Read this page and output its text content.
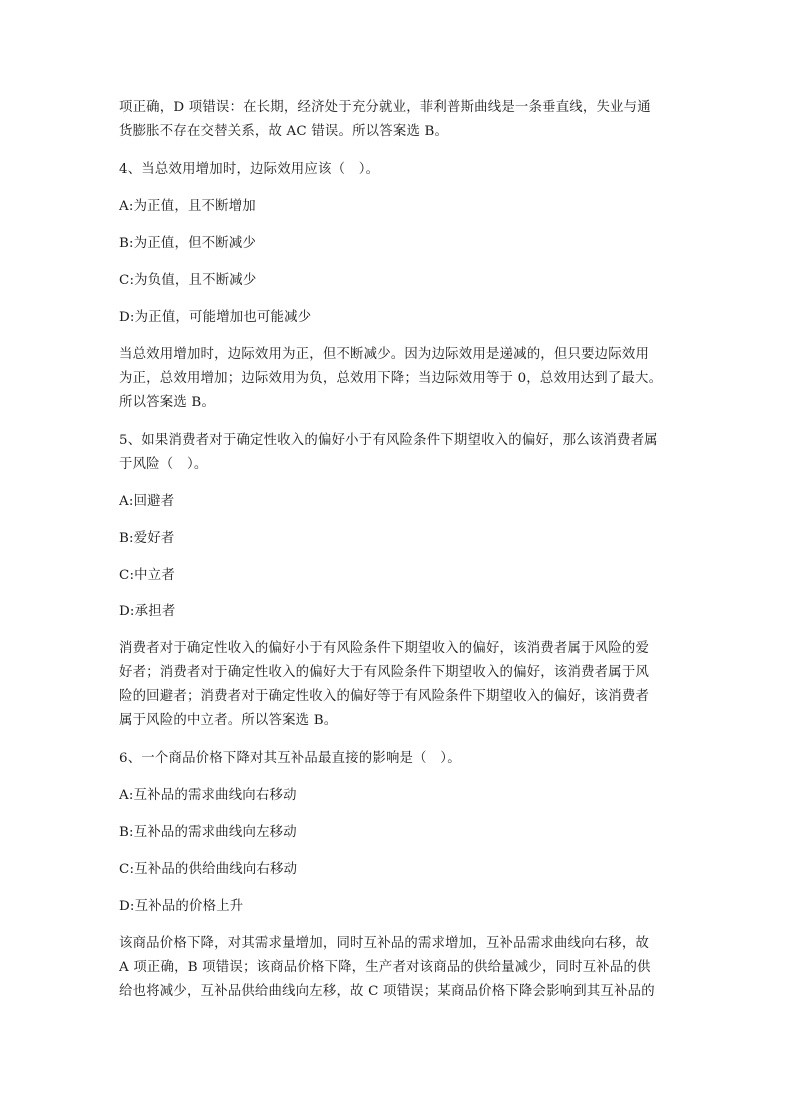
项正确，D 项错误：在长期，经济处于充分就业，菲利普斯曲线是一条垂直线，失业与通
货膨胀不存在交替关系，故 AC 错误。所以答案选 B。
4、当总效用增加时，边际效用应该（　）。
A:为正值，且不断增加
B:为正值，但不断减少
C:为负值，且不断减少
D:为正值，可能增加也可能减少
当总效用增加时，边际效用为正，但不断减少。因为边际效用是递减的，但只要边际效用
为正，总效用增加；边际效用为负，总效用下降；当边际效用等于 0，总效用达到了最大。
所以答案选 B。
5、如果消费者对于确定性收入的偏好小于有风险条件下期望收入的偏好，那么该消费者属
于风险（　）。
A:回避者
B:爱好者
C:中立者
D:承担者
消费者对于确定性收入的偏好小于有风险条件下期望收入的偏好，该消费者属于风险的爱
好者；消费者对于确定性收入的偏好大于有风险条件下期望收入的偏好，该消费者属于风
险的回避者；消费者对于确定性收入的偏好等于有风险条件下期望收入的偏好，该消费者
属于风险的中立者。所以答案选 B。
6、一个商品价格下降对其互补品最直接的影响是（　）。
A:互补品的需求曲线向右移动
B:互补品的需求曲线向左移动
C:互补品的供给曲线向右移动
D:互补品的价格上升
该商品价格下降，对其需求量增加，同时互补品的需求增加，互补品需求曲线向右移，故
A 项正确，B 项错误；该商品价格下降，生产者对该商品的供给量减少，同时互补品的供
给也将减少，互补品供给曲线向左移，故 C 项错误；某商品价格下降会影响到其互补品的
